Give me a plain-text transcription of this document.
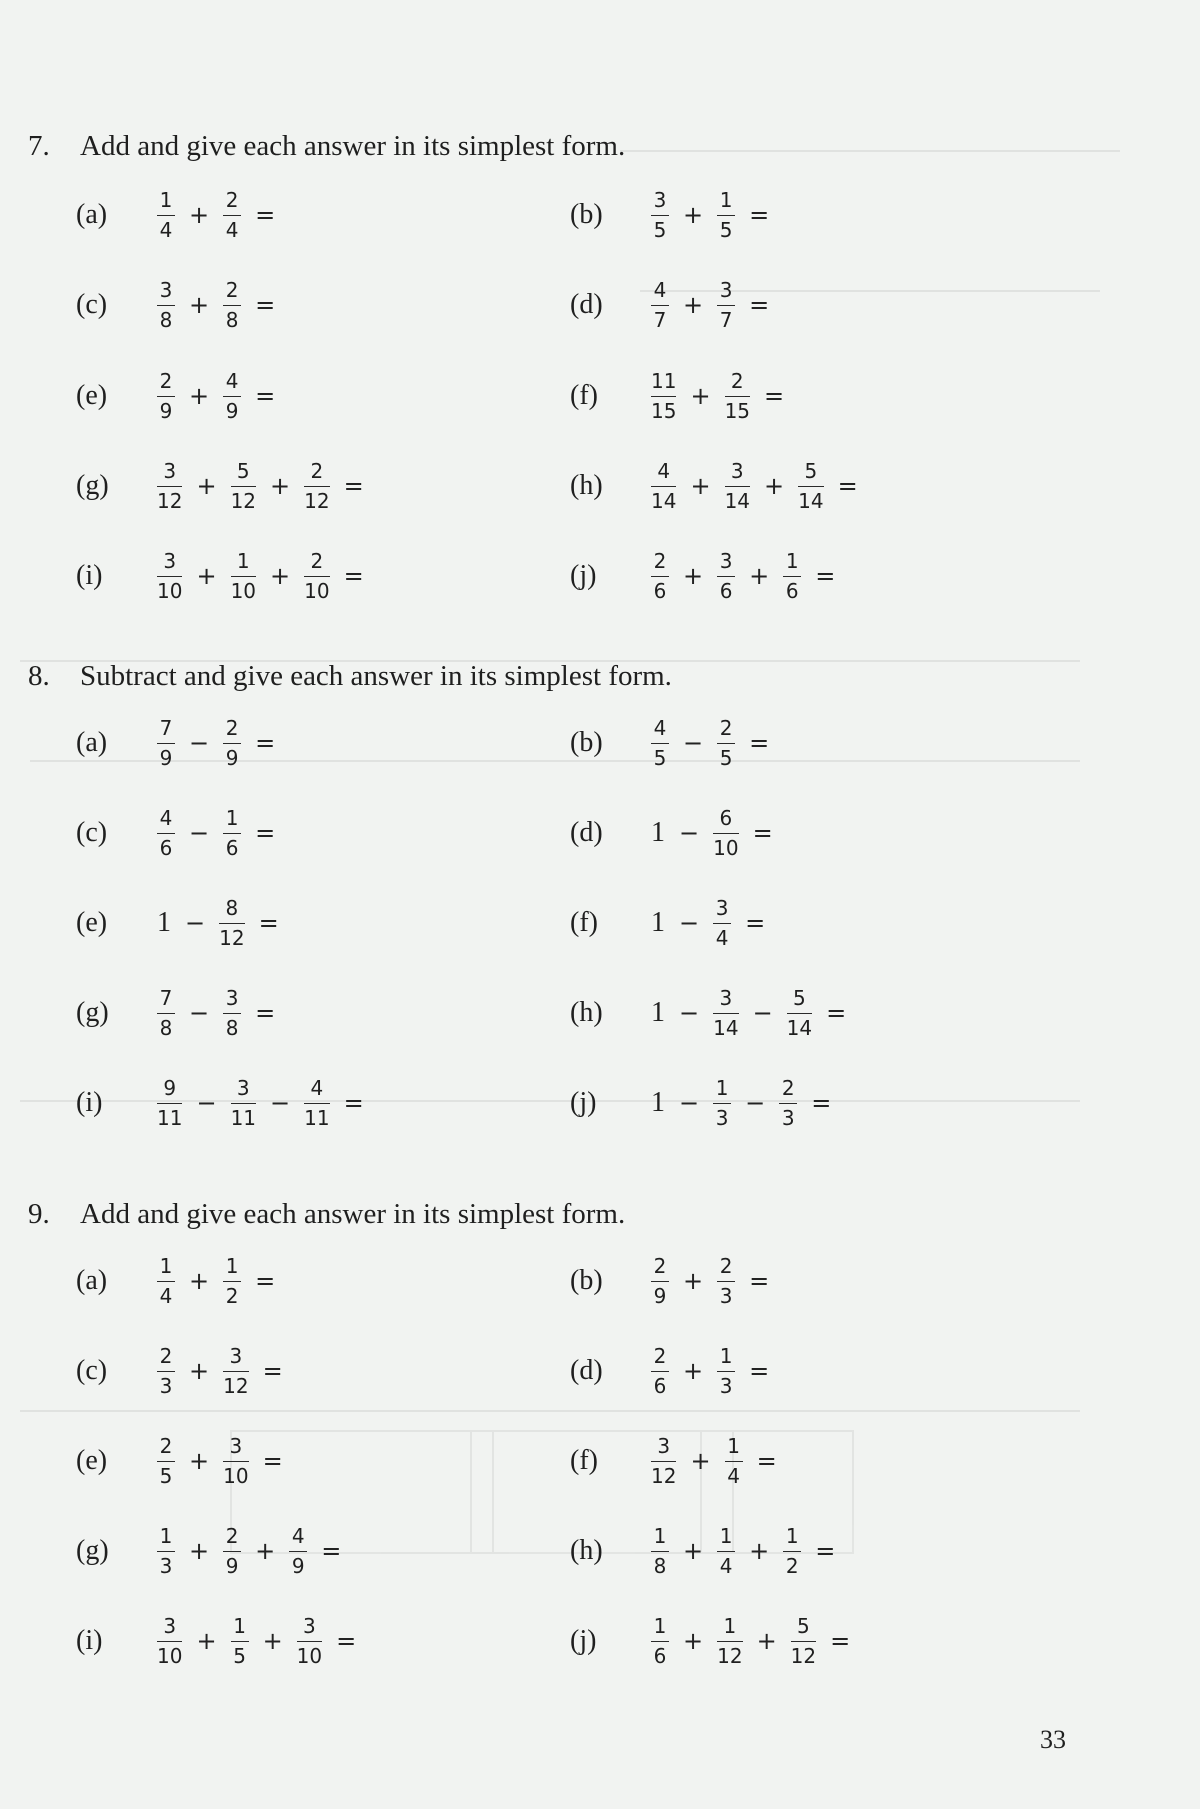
7. Add and give each answer in its simplest form.
(a)	$\frac{1}{4} + \frac{2}{4}$ =	(b)	$\frac{3}{5} + \frac{1}{5}$ =
(c)	$\frac{3}{8} + \frac{2}{8}$ =	(d)	$\frac{4}{7} + \frac{3}{7}$ =
(e)	$\frac{2}{9} + \frac{4}{9}$ =	(f)	$\frac{11}{15} + \frac{2}{15}$ =
(g)	$\frac{3}{12} + \frac{5}{12} + \frac{2}{12}$ =	(h)	$\frac{4}{14} + \frac{3}{14} + \frac{5}{14}$ =
(i)	$\frac{3}{10} + \frac{1}{10} + \frac{2}{10}$ =	(j)	$\frac{2}{6} + \frac{3}{6} + \frac{1}{6}$ =
8. Subtract and give each answer in its simplest form.
(a)	$\frac{7}{9} - \frac{2}{9}$ =	(b)	$\frac{4}{5} - \frac{2}{5}$ =
(c)	$\frac{4}{6} - \frac{1}{6}$ =	(d)	$1 - \frac{6}{10}$ =
(e)	$1 - \frac{8}{12}$ =	(f)	$1 - \frac{3}{4}$ =
(g)	$\frac{7}{8} - \frac{3}{8}$ =	(h)	$1 - \frac{3}{14} - \frac{5}{14}$ =
(i)	$\frac{9}{11} - \frac{3}{11} - \frac{4}{11}$ =	(j)	$1 - \frac{1}{3} - \frac{2}{3}$ =
9. Add and give each answer in its simplest form.
(a)	$\frac{1}{4} + \frac{1}{2}$ =	(b)	$\frac{2}{9} + \frac{2}{3}$ =
(c)	$\frac{2}{3} + \frac{3}{12}$ =	(d)	$\frac{2}{6} + \frac{1}{3}$ =
(e)	$\frac{2}{5} + \frac{3}{10}$ =	(f)	$\frac{3}{12} + \frac{1}{4}$ =
(g)	$\frac{1}{3} + \frac{2}{9} + \frac{4}{9}$ =	(h)	$\frac{1}{8} + \frac{1}{4} + \frac{1}{2}$ =
(i)	$\frac{3}{10} + \frac{1}{5} + \frac{3}{10}$ =	(j)	$\frac{1}{6} + \frac{1}{12} + \frac{5}{12}$ =
33
